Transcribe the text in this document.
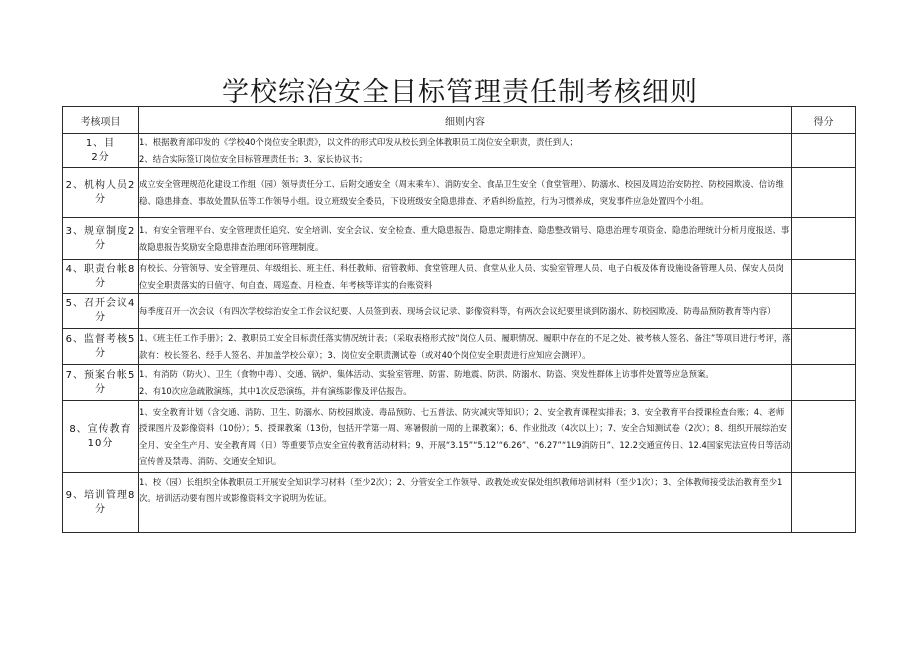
学校综治安全目标管理责任制考核细则
考核项目	细则内容	得分

1、目
2分	1、根据教育部印发的《学校40个岗位安全职责》，以文件的形式印发从校长到全体教职员工岗位安全职责，责任到人；
2、结合实际签订岗位安全目标管理责任书；3、家长协议书；	

2、机构人员2分	成立安全管理规范化建设工作组（园）领导责任分工、后附交通安全（周末乘车）、消防安全、食品卫生安全（食堂管理）、防溺水、校园及周边治安防控、防校园欺凌、信访维稳、隐患排查、事故处置队伍等工作领导小组。设立班级安全委员，下设班级安全隐患排查、矛盾纠纷监控，行为习惯养成，突发事件应急处置四个小组。	

3、规章制度2分	1、有安全管理平台、安全管理责任追究、安全培训、安全会议、安全检查、重大隐患报告、隐患定期排查、隐患整改销号、隐患治理专项资金、隐患治理统计分析月度报送、事故隐患报告奖励安全隐患排查治理闭环管理制度。	

4、职责台帐8分	有校长、分管领导、安全管理员、年级组长、班主任、科任教师、宿管教师、食堂管理人员、食堂从业人员、实验室管理人员、电子白板及体育设施设备管理人员、保安人员岗位安全职责落实的日值守、旬自查、周巡查、月检查、年考核等详实的台账资料	

5、召开会议4分	每季度召开一次会议（有四次学校综治安全工作会议纪要、人员签到表、现场会议记录、影像资料等，有两次会议纪要里谈到防溺水、防校园欺凌、防毒品预防教育等内容）	

6、监督考核5分	1、《班主任工作手册》；2、教职员工安全目标责任落实情况统计表；（采取表格形式按“岗位人员、履职情况、履职中存在的不足之处、被考核人签名、备注”等项目进行考评，落款有：校长签名、经手人签名、并加盖学校公章）；3、岗位安全职责测试卷（或对40个岗位安全职责进行应知应会测评）。	

7、预案台帐5分	1、有消防（防火）、卫生（食物中毒）、交通、锅炉、集体活动、实验室管理、防雷、防地震、防洪、防溺水、防盗、突发性群体上访事件处置等应急预案。
2、有10次应急疏散演练，其中1次反恐演练，并有演练影像及评估报告。	

8、宣传教育10分	1、安全教育计划（含交通、消防、卫生、防溺水、防校园欺凌、毒品预防、七五普法、防灾减灾等知识）；2、安全教育课程实排表；3、安全教育平台授课检查台账；4、老师授课图片及影像资料（10份）；5、授课教案（13份，包括开学第一周、寒暑假前一周的上课教案）；6、作业批改（4次以上）；7、安全合知测试卷（2次）；8、组织开展综治安全月、安全生产月、安全教育周（日）等重要节点安全宣传教育活动材料；9、开展“3.15”“5.12’“6.26”、“6.27”“1L9消防日”、12.2交通宣传日、12.4国家宪法宣传日等活动宣传普及禁毒、消防、交通安全知识。	

9、培训管理8分	1、校（园）长组织全体教职员工开展安全知识学习材料（至少2次）；2、分管安全工作领导、政教处或安保处组织教师培训材料（至少1次）；3、全体教师接受法治教育至少1次。培训活动要有图片或影像资料文字说明为佐证。	
